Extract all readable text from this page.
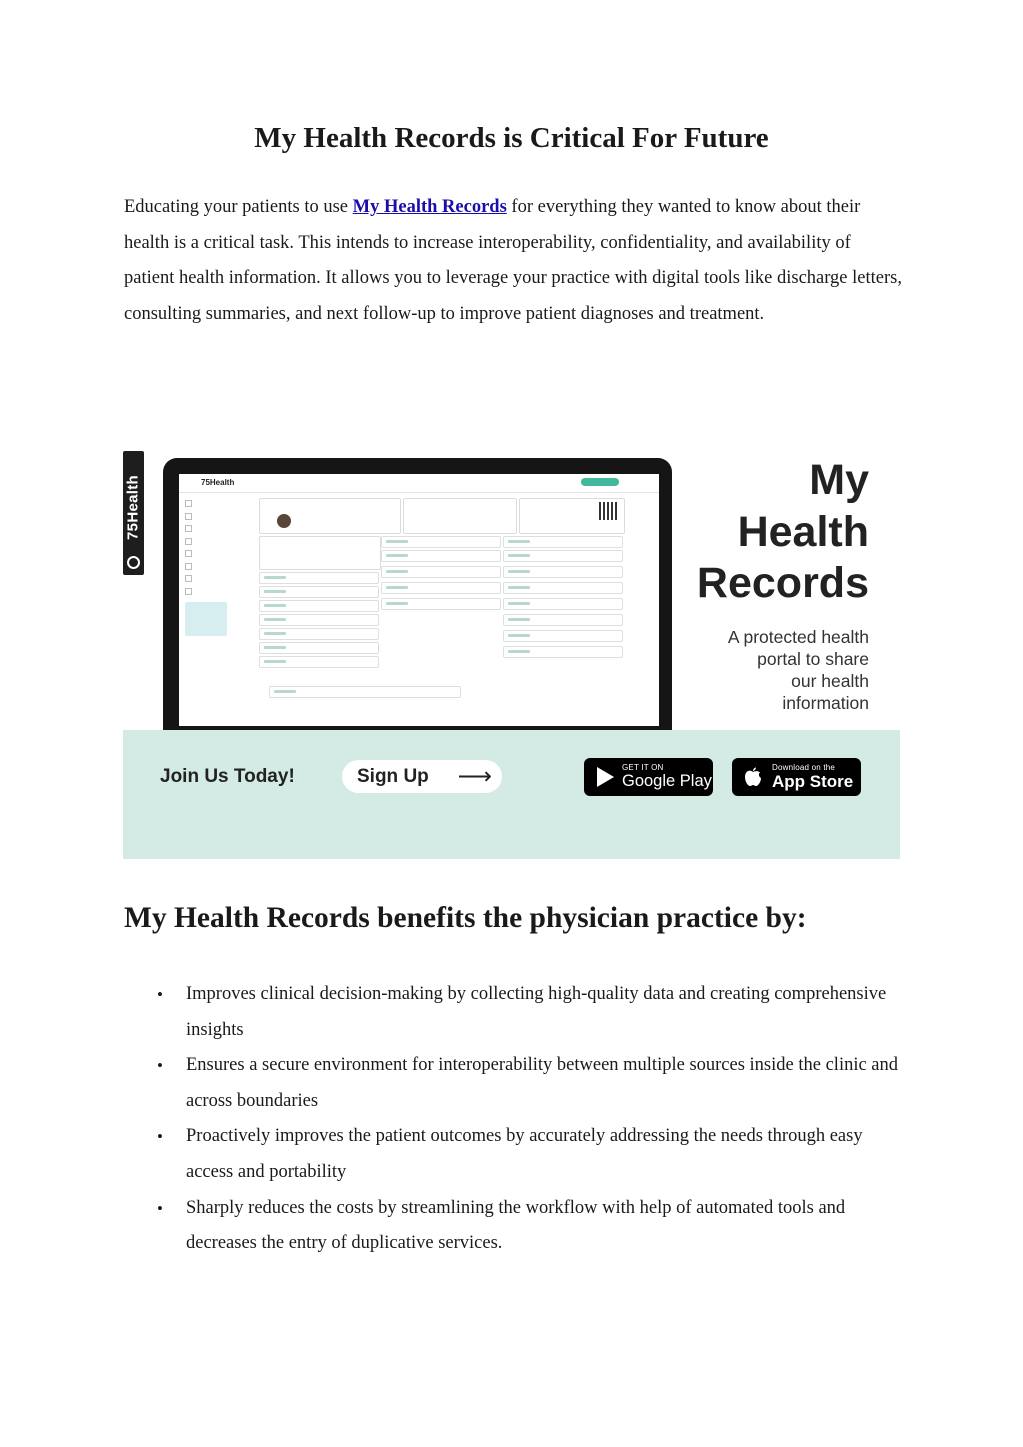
My Health Records is Critical For Future

Educating your patients to use My Health Records for everything they wanted to know about their health is a critical task. This intends to increase interoperability, confidentiality, and availability of patient health information. It allows you to leverage your practice with digital tools like discharge letters, consulting summaries, and next follow-up to improve patient diagnoses and treatment.

75Health	75Health	My
Health
Records

A protected health
portal to share
our health
information
Join Us Today!	Sign Up ⟶	GET IT ON
Google Play
Download on the
App Store
My Health Records benefits the physician practice by:
• Improves clinical decision-making by collecting high-quality data and creating comprehensive insights
• Ensures a secure environment for interoperability between multiple sources inside the clinic and across boundaries
• Proactively improves the patient outcomes by accurately addressing the needs through easy access and portability
• Sharply reduces the costs by streamlining the workflow with help of automated tools and decreases the entry of duplicative services.
